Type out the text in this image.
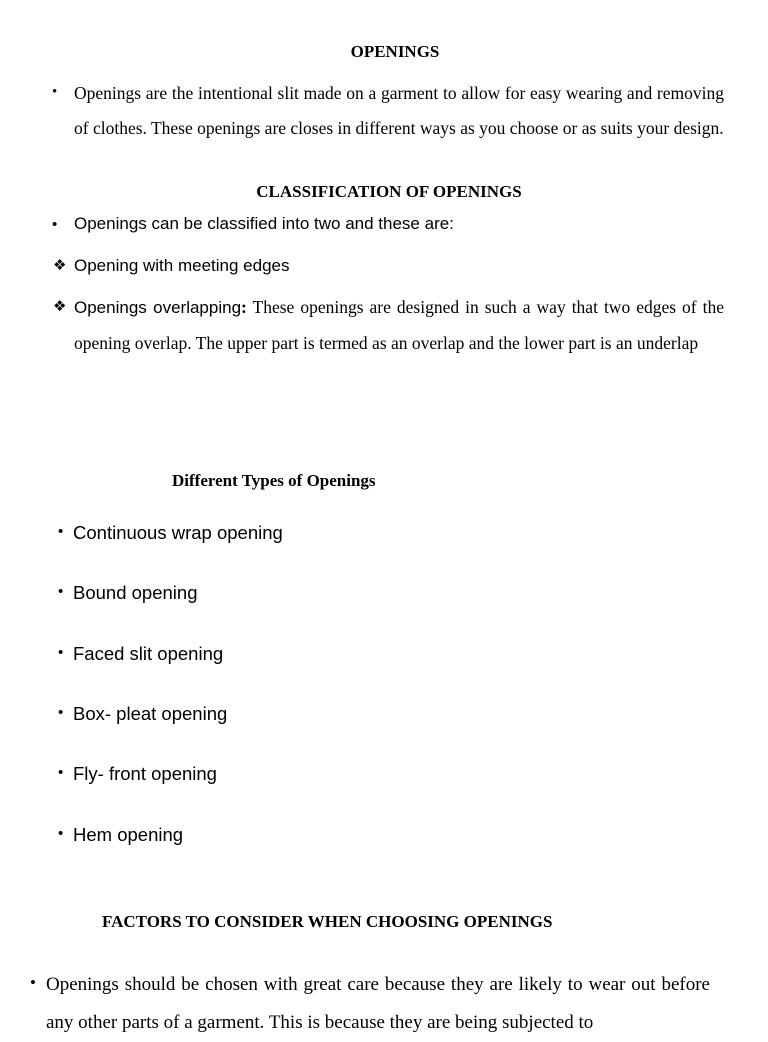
OPENINGS
• Openings are the intentional slit made on a garment to allow for easy wearing and removing of clothes. These openings are closes in different ways as you choose or as suits your design.
CLASSIFICATION OF OPENINGS
• Openings can be classified into two and these are:
❖ Opening with meeting edges
❖ Openings overlapping: These openings are designed in such a way that two edges of the opening overlap. The upper part is termed as an overlap and the lower part is an underlap
Different Types of Openings
• Continuous wrap opening
• Bound opening
• Faced slit opening
• Box- pleat opening
• Fly- front opening
• Hem opening
FACTORS TO CONSIDER WHEN CHOOSING OPENINGS
• Openings should be chosen with great care because they are likely to wear out before any other parts of a garment. This is because they are being subjected to
